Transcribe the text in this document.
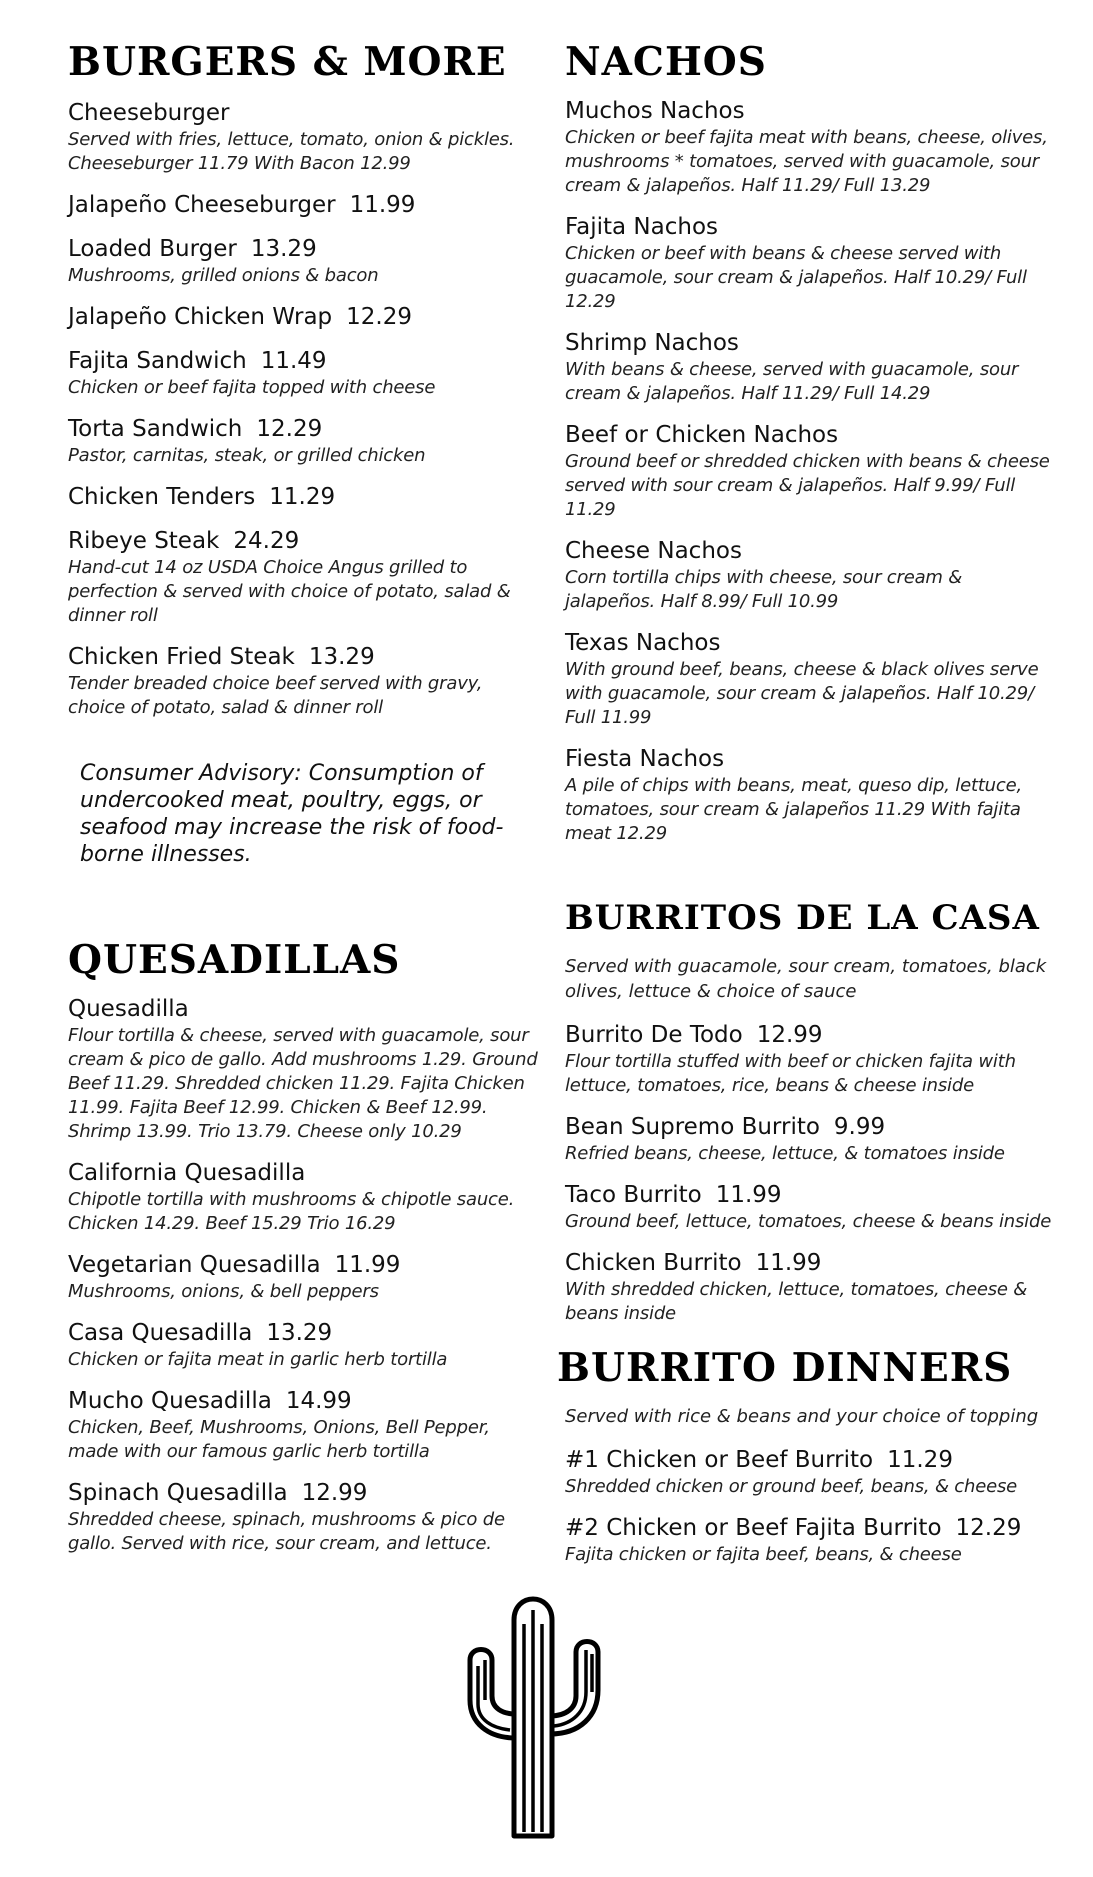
BURGERS & MORE
Cheeseburger
Served with fries, lettuce, tomato, onion & pickles. Cheeseburger 11.79 With Bacon 12.99
Jalapeño Cheeseburger 11.99
Loaded Burger 13.29
Mushrooms, grilled onions & bacon
Jalapeño Chicken Wrap 12.29
Fajita Sandwich 11.49
Chicken or beef fajita topped with cheese
Torta Sandwich 12.29
Pastor, carnitas, steak, or grilled chicken
Chicken Tenders 11.29
Ribeye Steak 24.29
Hand-cut 14 oz USDA Choice Angus grilled to perfection & served with choice of potato, salad & dinner roll
Chicken Fried Steak 13.29
Tender breaded choice beef served with gravy, choice of potato, salad & dinner roll
Consumer Advisory: Consumption of undercooked meat, poultry, eggs, or seafood may increase the risk of food-borne illnesses.
QUESADILLAS
Quesadilla
Flour tortilla & cheese, served with guacamole, sour cream & pico de gallo. Add mushrooms 1.29. Ground Beef 11.29. Shredded chicken 11.29. Fajita Chicken 11.99. Fajita Beef 12.99. Chicken & Beef 12.99. Shrimp 13.99. Trio 13.79. Cheese only 10.29
California Quesadilla
Chipotle tortilla with mushrooms & chipotle sauce. Chicken 14.29. Beef 15.29 Trio 16.29
Vegetarian Quesadilla 11.99
Mushrooms, onions, & bell peppers
Casa Quesadilla 13.29
Chicken or fajita meat in garlic herb tortilla
Mucho Quesadilla 14.99
Chicken, Beef, Mushrooms, Onions, Bell Pepper, made with our famous garlic herb tortilla
Spinach Quesadilla 12.99
Shredded cheese, spinach, mushrooms & pico de gallo. Served with rice, sour cream, and lettuce.
NACHOS
Muchos Nachos
Chicken or beef fajita meat with beans, cheese, olives, mushrooms * tomatoes, served with guacamole, sour cream & jalapeños. Half 11.29/ Full 13.29
Fajita Nachos
Chicken or beef with beans & cheese served with guacamole, sour cream & jalapeños. Half 10.29/ Full 12.29
Shrimp Nachos
With beans & cheese, served with guacamole, sour cream & jalapeños. Half 11.29/ Full 14.29
Beef or Chicken Nachos
Ground beef or shredded chicken with beans & cheese served with sour cream & jalapeños. Half 9.99/ Full 11.29
Cheese Nachos
Corn tortilla chips with cheese, sour cream & jalapeños. Half 8.99/ Full 10.99
Texas Nachos
With ground beef, beans, cheese & black olives serve with guacamole, sour cream & jalapeños. Half 10.29/ Full 11.99
Fiesta Nachos
A pile of chips with beans, meat, queso dip, lettuce, tomatoes, sour cream & jalapeños 11.29 With fajita meat 12.29
BURRITOS DE LA CASA
Served with guacamole, sour cream, tomatoes, black olives, lettuce & choice of sauce
Burrito De Todo 12.99
Flour tortilla stuffed with beef or chicken fajita with lettuce, tomatoes, rice, beans & cheese inside
Bean Supremo Burrito 9.99
Refried beans, cheese, lettuce, & tomatoes inside
Taco Burrito 11.99
Ground beef, lettuce, tomatoes, cheese & beans inside
Chicken Burrito 11.99
With shredded chicken, lettuce, tomatoes, cheese & beans inside
BURRITO DINNERS
Served with rice & beans and your choice of topping
#1 Chicken or Beef Burrito 11.29
Shredded chicken or ground beef, beans, & cheese
#2 Chicken or Beef Fajita Burrito 12.29
Fajita chicken or fajita beef, beans, & cheese
